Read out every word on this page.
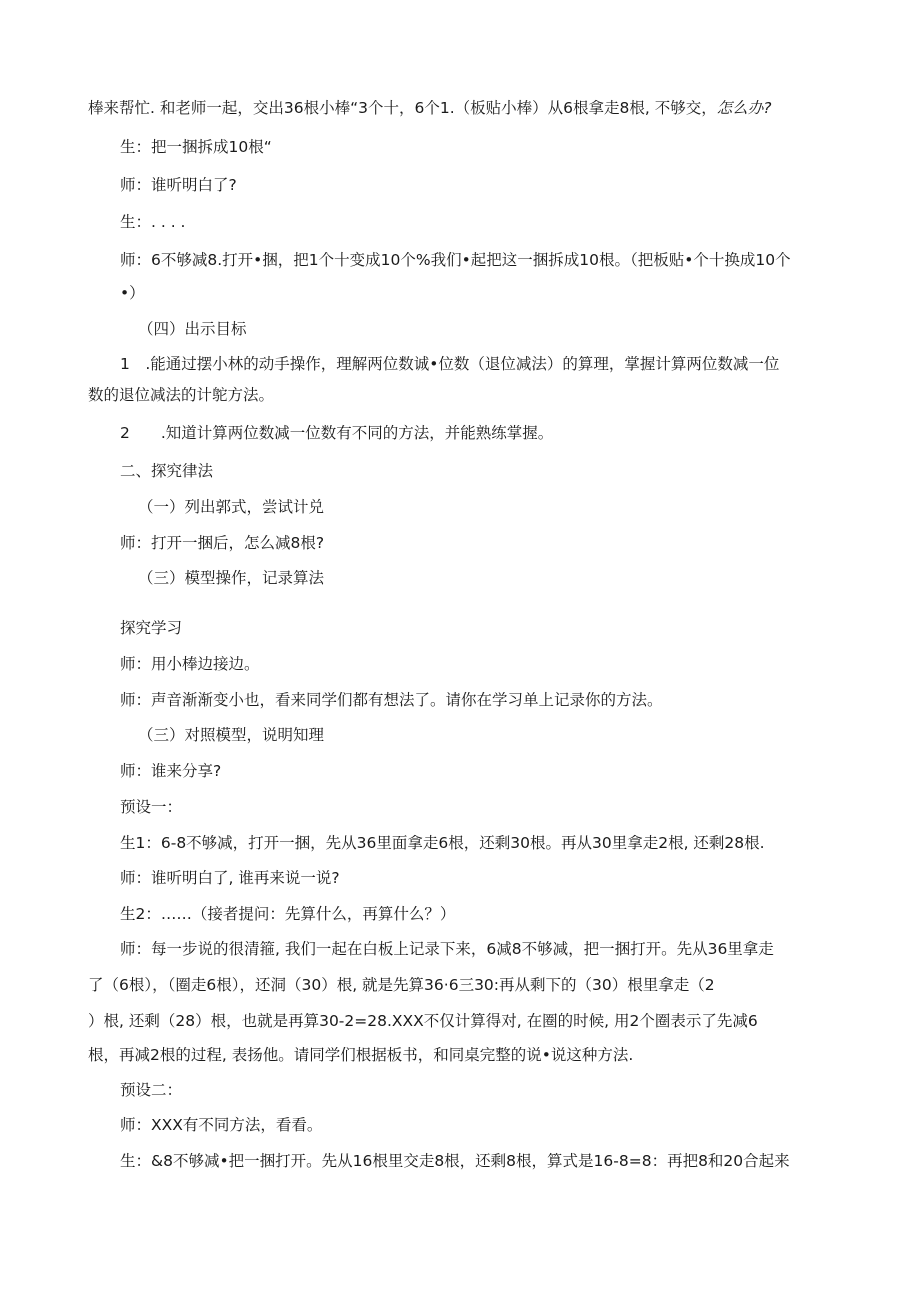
棒来帮忙. 和老师一起，交出36根小棒“3个十，6个1.（板贴小棒）从6根拿走8根, 不够交，怎么办?
生：把一捆拆成10根“
师：谁听明白了?
生：. . . .
师：6不够减8.打开•捆，把1个十变成10个%我们•起把这一捆拆成10根。（把板贴•个十换成10个
•）
（四）出示目标
1　.能通过摆小林的动手操作，理解两位数诚•位数（退位减法）的算理，掌握计算两位数减一位
数的退位减法的计鸵方法。
2　　.知道计算两位数减一位数有不同的方法，并能熟练掌握。
二、探究律法
（一）列出郭式，尝试计兑
师：打开一捆后，怎么减8根?
（三）模型操作，记录算法
探究学习
师：用小棒边接边。
师：声音渐渐变小也，看来同学们都有想法了。请你在学习单上记录你的方法。
（三）对照模型，说明知理
师：谁来分享?
预设一：
生1：6-8不够减，打开一捆，先从36里面拿走6根，还剩30根。再从30里拿走2根, 还剩28根.
师：谁听明白了, 谁再来说一说?
生2：……（接者提问：先算什么，再算什么？）
师：每一步说的很清箍, 我们一起在白板上记录下来，6减8不够减，把一捆打开。先从36里拿走
了（6根），（圈走6根），还洞（30）根, 就是先算36·6三30:再从剩下的（30）根里拿走（2
）根, 还剩（28）根，也就是再算30-2=28.XXX不仅计算得对, 在圈的时候, 用2个圈表示了先减6
根，再减2根的过程, 表扬他。请同学们根据板书，和同桌完整的说•说这种方法.
预设二：
师：XXX有不同方法，看看。
生：&8不够减•把一捆打开。先从16根里交走8根，还剩8根，算式是16-8=8：再把8和20合起来
